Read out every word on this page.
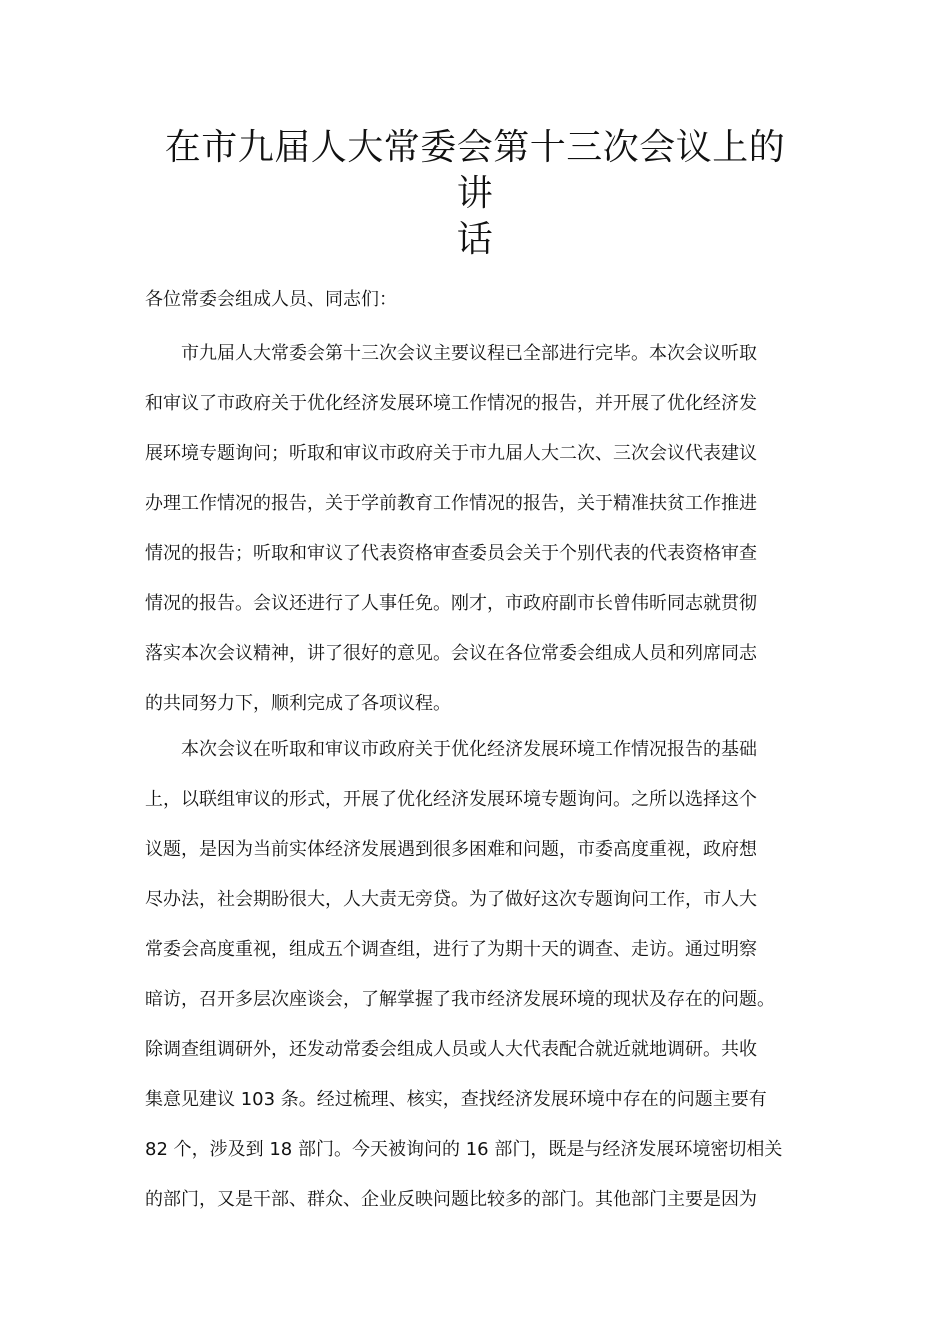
在市九届人大常委会第十三次会议上的讲
话

各位常委会组成人员、同志们：

市九届人大常委会第十三次会议主要议程已全部进行完毕。本次会议听取
和审议了市政府关于优化经济发展环境工作情况的报告，并开展了优化经济发
展环境专题询问；听取和审议市政府关于市九届人大二次、三次会议代表建议
办理工作情况的报告，关于学前教育工作情况的报告，关于精准扶贫工作推进
情况的报告；听取和审议了代表资格审查委员会关于个别代表的代表资格审查
情况的报告。会议还进行了人事任免。刚才，市政府副市长曾伟昕同志就贯彻
落实本次会议精神，讲了很好的意见。会议在各位常委会组成人员和列席同志
的共同努力下，顺利完成了各项议程。

本次会议在听取和审议市政府关于优化经济发展环境工作情况报告的基础
上，以联组审议的形式，开展了优化经济发展环境专题询问。之所以选择这个
议题，是因为当前实体经济发展遇到很多困难和问题，市委高度重视，政府想
尽办法，社会期盼很大，人大责无旁贷。为了做好这次专题询问工作，市人大
常委会高度重视，组成五个调查组，进行了为期十天的调查、走访。通过明察
暗访，召开多层次座谈会，了解掌握了我市经济发展环境的现状及存在的问题。
除调查组调研外，还发动常委会组成人员或人大代表配合就近就地调研。共收
集意见建议 103 条。经过梳理、核实，查找经济发展环境中存在的问题主要有
82 个，涉及到 18 部门。今天被询问的 16 部门，既是与经济发展环境密切相关
的部门，又是干部、群众、企业反映问题比较多的部门。其他部门主要是因为
